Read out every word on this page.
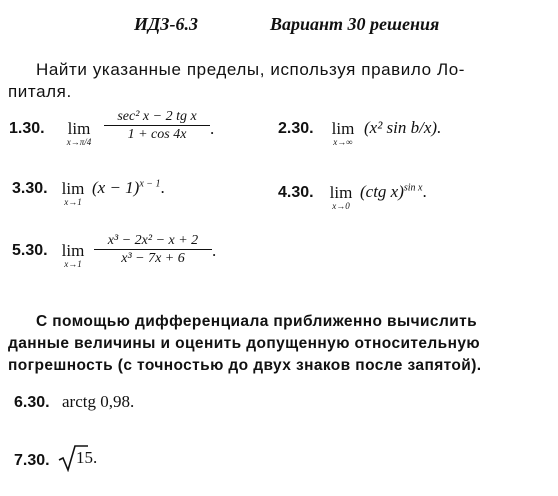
ИДЗ-6.3	Вариант 30 решения
Найти указанные пределы, используя правило Ло-
питаля.
1.30.	lim
x→π/4
sec² x − 2 tg x
1 + cos 4x	.	2.30.	lim
x→∞
(x² sin b/x).
3.30. lim
x→1
$(x - 1)^{x - 1}$.	4.30. lim
x→0
(ctg x)$^{sin x}$.
5.30. lim
x→1
x³ − 2x² − x + 2
x³ − 7x + 6	.
С помощью дифференциала приближенно вычислить
данные величины и оценить допущенную относительную
погрешность (с точностью до двух знаков после запятой).
6.30. arctg 0,98.
7.30. 15.
